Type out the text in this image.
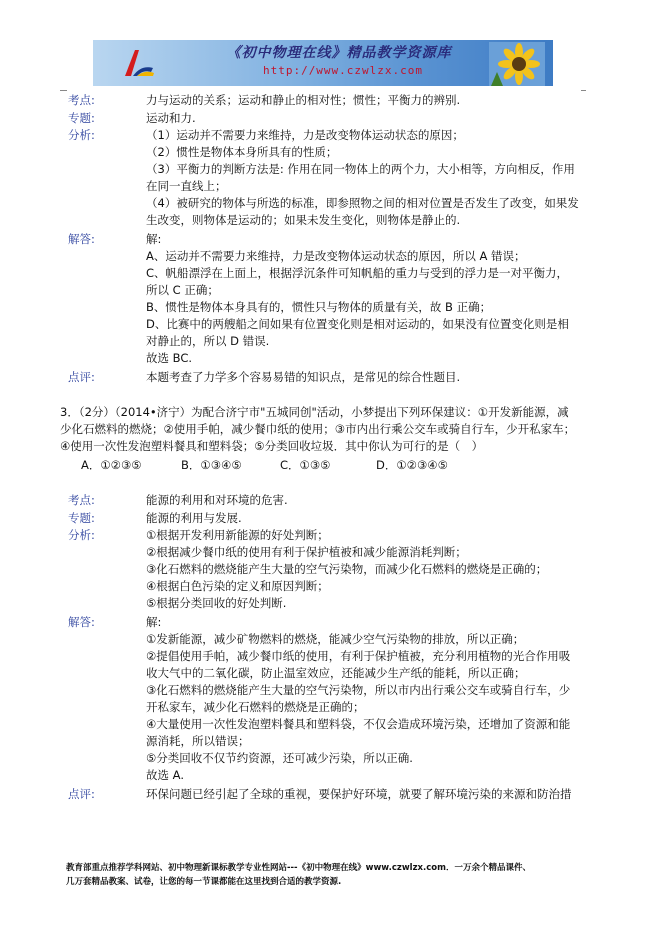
《初中物理在线》精品教学资源库
http://www.czwlzx.com
考点:	力与运动的关系；运动和静止的相对性；惯性；平衡力的辨别.
专题:	运动和力.
分析:	（1）运动并不需要力来维持，力是改变物体运动状态的原因；
（2）惯性是物体本身所具有的性质；
（3）平衡力的判断方法是: 作用在同一物体上的两个力，大小相等，方向相反，作用
在同一直线上；
（4）被研究的物体与所选的标准，即参照物之间的相对位置是否发生了改变，如果发
生改变，则物体是运动的；如果未发生变化，则物体是静止的.
解答:	解:
A、运动并不需要力来维持，力是改变物体运动状态的原因，所以 A 错误；
C、帆船漂浮在上面上，根据浮沉条件可知帆船的重力与受到的浮力是一对平衡力，
所以 C 正确；
B、惯性是物体本身具有的，惯性只与物体的质量有关，故 B 正确；
D、比赛中的两艘船之间如果有位置变化则是相对运动的，如果没有位置变化则是相
对静止的，所以 D 错误.
故选 BC.
点评:	本题考查了力学多个容易易错的知识点，是常见的综合性题目.
3．（2分）（2014•济宁）为配合济宁市"五城同创"活动，小梦提出下列环保建议：①开发新能源，减
少化石燃料的燃烧；②使用手帕，减少餐巾纸的使用；③市内出行乘公交车或骑自行车，少开私家车；
④使用一次性发泡塑料餐具和塑料袋；⑤分类回收垃圾．其中你认为可行的是（　）
A．①②③⑤	B．①③④⑤	C．①③⑤	D．①②③④⑤
考点:	能源的利用和对环境的危害.
专题:	能源的利用与发展.
分析:	①根据开发利用新能源的好处判断；
②根据减少餐巾纸的使用有利于保护植被和减少能源消耗判断；
③化石燃料的燃烧能产生大量的空气污染物，而减少化石燃料的燃烧是正确的；
④根据白色污染的定义和原因判断；
⑤根据分类回收的好处判断.
解答:	解:
①发新能源，减少矿物燃料的燃烧，能减少空气污染物的排放，所以正确；
②提倡使用手帕，减少餐巾纸的使用，有利于保护植被，充分利用植物的光合作用吸
收大气中的二氧化碳，防止温室效应，还能减少生产纸的能耗，所以正确；
③化石燃料的燃烧能产生大量的空气污染物，所以市内出行乘公交车或骑自行车，少
开私家车，减少化石燃料的燃烧是正确的；
④大量使用一次性发泡塑料餐具和塑料袋，不仅会造成环境污染，还增加了资源和能
源消耗，所以错误；
⑤分类回收不仅节约资源，还可减少污染，所以正确.
故选 A.
点评:	环保问题已经引起了全球的重视，要保护好环境，就要了解环境污染的来源和防治措
教育部重点推荐学科网站、初中物理新课标教学专业性网站---《初中物理在线》www.czwlzx.com．一万余个精品课件、
几万套精品教案、试卷，让您的每一节课都能在这里找到合适的教学资源.
